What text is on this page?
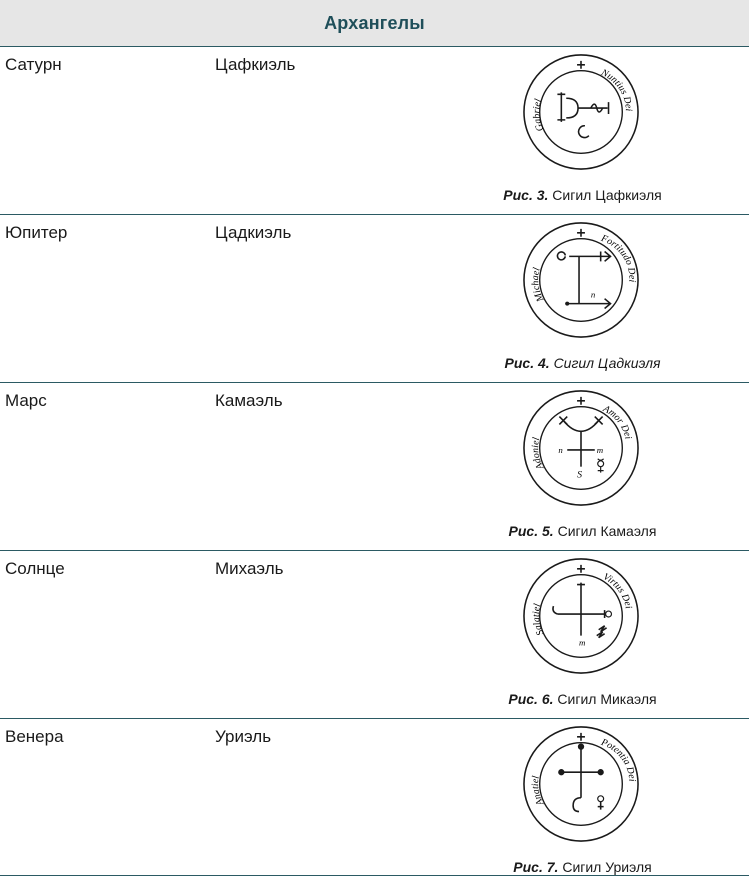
Архангелы
Сатурн	Цафкиэль
Gabriel
Nuntius Dei
Рис. 3. Сигил Цафкиэля
Юпитер	Цадкиэль
n
Michael
Fortitudo Dei
Рис. 4. Сигил Цадкиэля
Марс	Камаэль
n	m
S
Adoniel
Amor Dei
Рис. 5. Сигил Камаэля
Солнце	Михаэль
m
Salatiel
Virtus Dei
Рис. 6. Сигил Микаэля
Венера	Уриэль
Anatiel
Potentia Dei
Рис. 7. Сигил Уриэля
